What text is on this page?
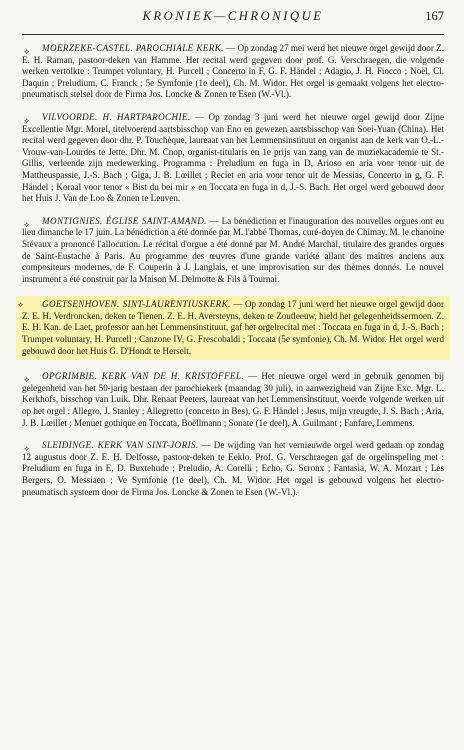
KRONIEK—CHRONIQUE	167

⟡ MOERZEKE-CASTEL. PAROCHIALE KERK. — Op zondag 27 mei werd het nieuwe orgel gewijd door Z. E. H. Raman, pastoor-deken van Hamme. Het recital werd gegeven door prof. G. Verschraegen, die volgende werken vertolkte : Trumpet voluntary, H. Purcell ; Concerto in F, G. F. Händel ; Adagio, J. H. Fiocco ; Noël, Cl. Daquin ; Preludium, C. Franck ; 5e Symfonie (1e deel), Ch. M. Widor. Het orgel is gemaakt volgens het electro-pneumatisch stelsel door de Firma Jos. Loncke & Zonen te Esen (W.-Vl.).

⟡ VILVOORDE. H. HARTPAROCHIE. — Op zondag 3 juni werd het nieuwe orgel gewijd door Zijne Excellentie Mgr. Morel, titelvoerend aartsbisschop van Eno en gewezen aartsbisschop van Soei-Yuan (China). Het recital werd gegeven door dhr. P. Touchèque, laureaat van het Lemmensinstituut en organist aan de kerk van O.-L.-Vrouw-van-Lourdes te Jette. Dhr. M. Cnop, organist-titularis en 1e prijs van zang van de muziekacademie te St.-Gillis, verleende zijn medewerking. Programma : Preludium en fuga in D, Arioso en aria voor tenor uit de Mattheuspassie, J.-S. Bach ; Giga, J. B. Lœillet ; Reciet en aria voor tenor uit de Messias, Concerto in g, G. F. Händel ; Koraal voor tenor « Bist du bei mir » en Toccata en fuga in d, J.-S. Bach. Het orgel werd gebouwd door het Huis J. Van de Loo & Zonen te Leuven.

⟡ MONTIGNIES. ÉGLISE SAINT-AMAND. — La bénédiction et l'inauguration des nouvelles orgues ont eu lieu dimanche le 17 juin. La bénédiction a été donnée par M. l'abbé Thomas, curé-doyen de Chimay. M. le chanoine Stévaux a prononcé l'allocution. Le récital d'orgue a été donné par M. André Marchal, titulaire des grandes orgues de Saint-Eustache à Paris. Au programme des œuvres d'une grande variété allant des maîtres anciens aux compositeurs modernes, de F. Couperin à J. Langlais, et une improvisation sur des thèmes donnés. Le nouvel instrument a été construit par la Maison M. Delmotte & Fils à Tournai.

⟡ GOETSENHOVEN. SINT-LAURENTIUSKERK. — Op zondag 17 juni werd het nieuwe orgel gewijd door Z. E. H. Verdroncken, deken te Tienen. Z. E. H. Aversteyns, deken te Zoutleeuw, hield het gelegenheidssermoen. Z. E. H. Kan. de Laet, professor aan het Lemmensinstituut, gaf het orgelrecital met : Toccata en fuga in d, J.-S. Bach ; Trumpet voluntary, H. Purcell ; Canzone IV, G. Frescobaldi ; Toccata (5e symfonie), Ch. M. Widor. Het orgel werd gebouwd door het Huis G. D'Hondt te Herselt.

⟡ OPGRIMBIE. KERK VAN DE H. KRISTOFFEL. — Het nieuwe orgel werd in gebruik genomen bij gelegenheid van het 50-jarig bestaan der parochiekerk (maandag 30 juli), in aanwezigheid van Zijne Exc. Mgr. L. Kerkhofs, bisschop van Luik. Dhr. Renaat Peeters, laureaat van het Lemmensinstituut, voerde volgende werken uit op het orgel : Allegro, J. Stanley ; Allegretto (concerto in Bes), G. F. Händel ; Jesus, mijn vreugde, J. S. Bach ; Aria, J. B. Lœillet ; Menuet gothique en Toccata, Boëllmann ; Sonate (1e deel), A. Guilmant ; Fanfare, Lemmens.

⟡ SLEIDINGE. KERK VAN SINT-JORIS. — De wijding van het vernieuwde orgel werd gedaan op zondag 12 augustus door Z. E. H. Delfosse, pastoor-deken te Eeklo. Prof. G. Verschraegen gaf de orgelinspeling met : Preludium en fuga in E, D. Buxtehude ; Preludio, A. Corelli ; Echo, G. Scronx ; Fantasia, W. A. Mozart ; Les Bergers, O. Messiaen ; Ve Symfonie (1e deel), Ch. M. Widor. Het orgel is gebouwd volgens het electro-pneumatisch systeem door de Firma Jos. Loncke & Zonen te Esen (W.-Vl.).
